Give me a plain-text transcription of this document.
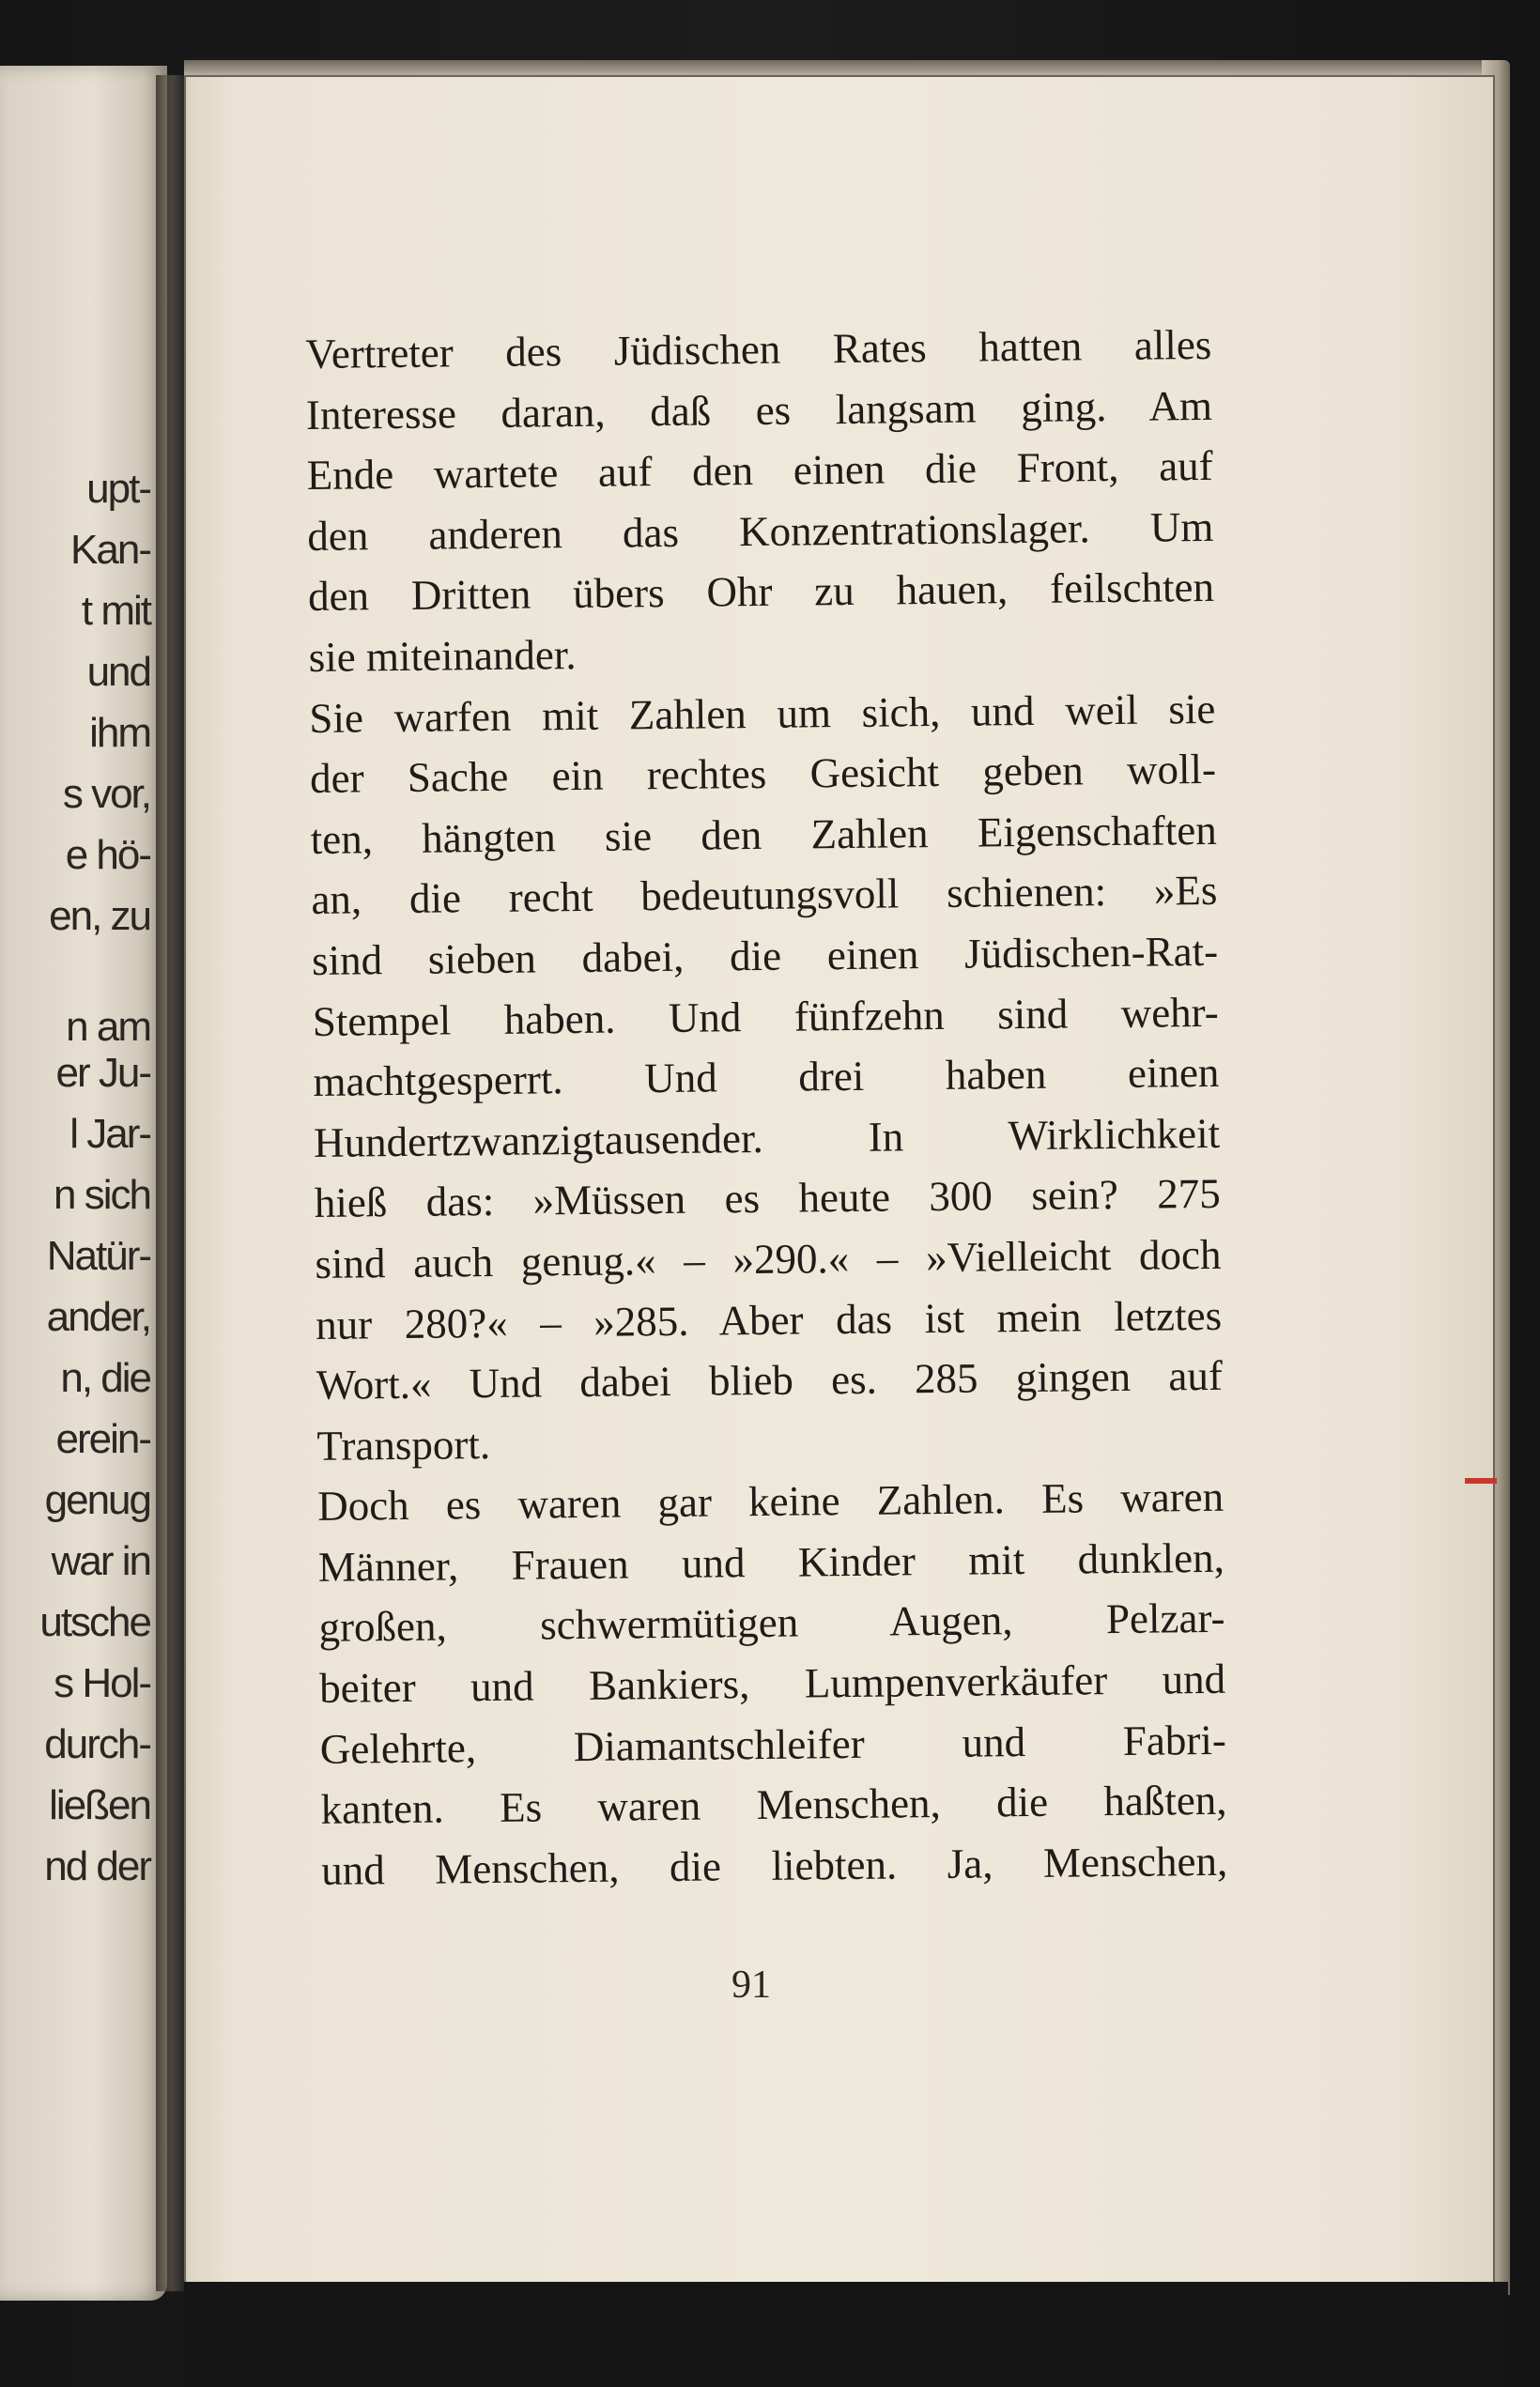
upt-
Kan-
t mit
und
ihm
s vor,
e hö-
en, zu
n am
er Ju-
l Jar-
n sich
Natür-
ander,
n, die
erein-
genug
war in
utsche
s Hol-
durch-
ließen
nd der
Vertreter des Jüdischen Rates hatten alles
Interesse daran, daß es langsam ging. Am
Ende wartete auf den einen die Front, auf
den anderen das Konzentrationslager. Um
den Dritten übers Ohr zu hauen, feilschten
sie miteinander.
Sie warfen mit Zahlen um sich, und weil sie
der Sache ein rechtes Gesicht geben woll-
ten, hängten sie den Zahlen Eigenschaften
an, die recht bedeutungsvoll schienen: »Es
sind sieben dabei, die einen Jüdischen-Rat-
Stempel haben. Und fünfzehn sind wehr-
machtgesperrt. Und drei haben einen
Hundertzwanzigtausender. In Wirklichkeit
hieß das: »Müssen es heute 300 sein? 275
sind auch genug.« – »290.« – »Vielleicht doch
nur 280?« – »285. Aber das ist mein letztes
Wort.« Und dabei blieb es. 285 gingen auf
Transport.
Doch es waren gar keine Zahlen. Es waren
Männer, Frauen und Kinder mit dunklen,
großen, schwermütigen Augen, Pelzar-
beiter und Bankiers, Lumpenverkäufer und
Gelehrte, Diamantschleifer und Fabri-
kanten. Es waren Menschen, die haßten,
und Menschen, die liebten. Ja, Menschen,
91
